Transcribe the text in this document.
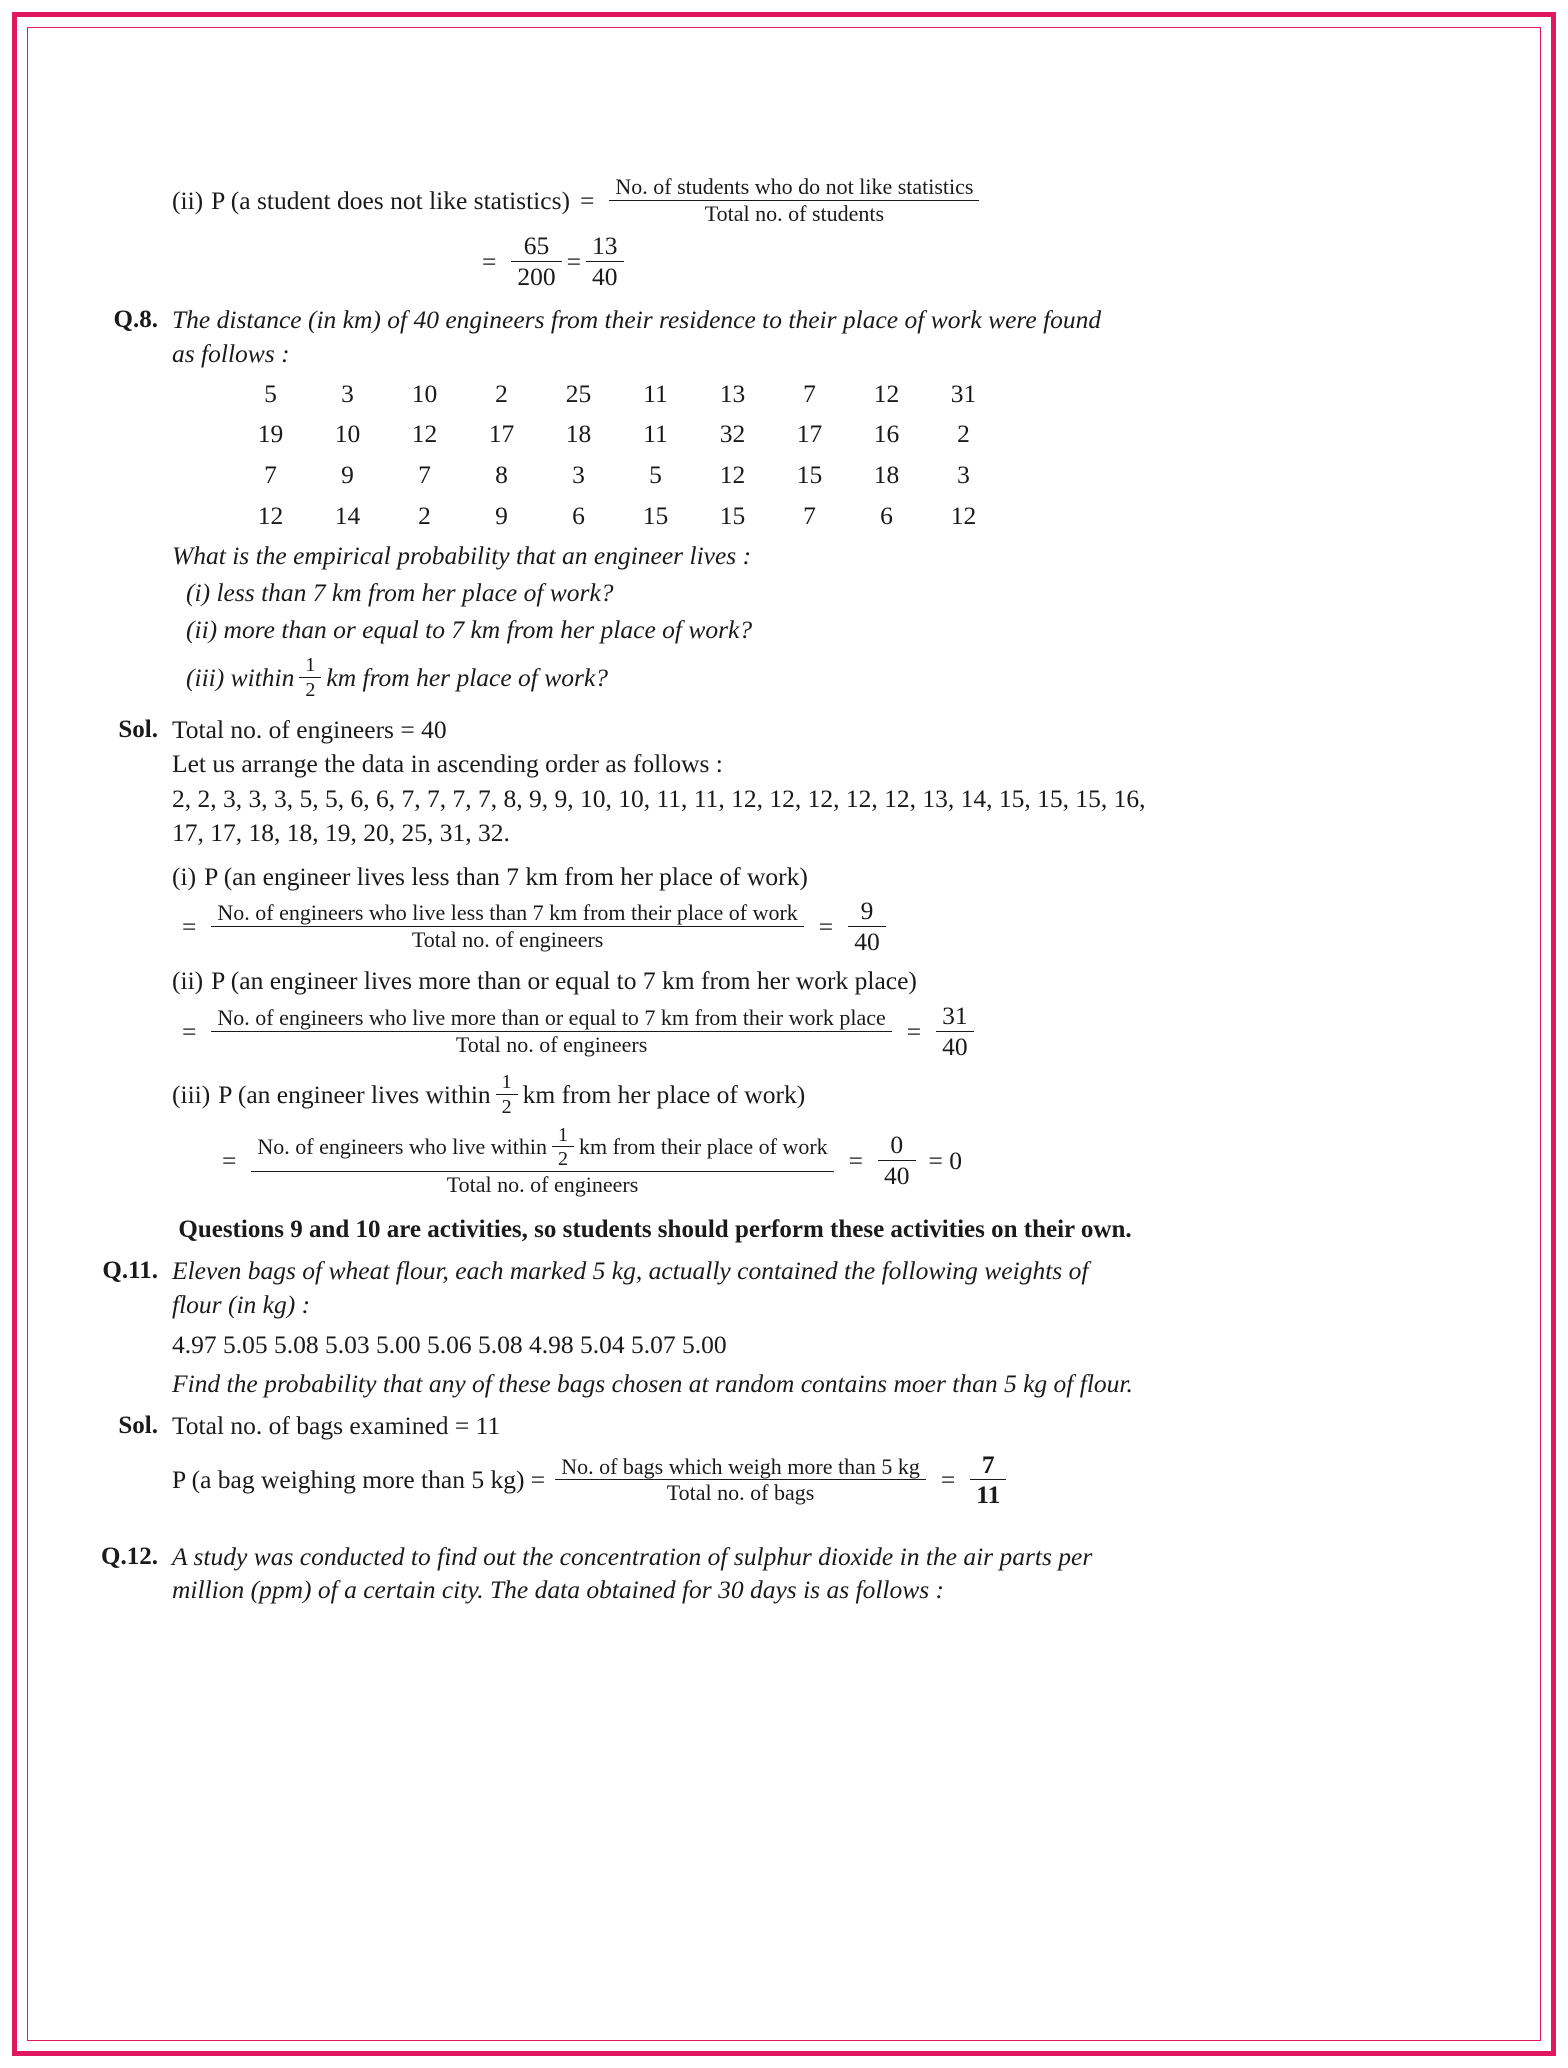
(ii) P (a student does not like statistics) = $\frac{\text{No. of students who do not like statistics}}{\text{Total no. of students}}$
= $\frac{65}{200} = \frac{13}{40}$
Q.8. The distance (in km) of 40 engineers from their residence to their place of work were found
as follows :
5	3	10	2	25	11	13	7	12	31
19	10	12	17	18	11	32	17	16	2
7	9	7	8	3	5	12	15	18	3
12	14	2	9	6	15	15	7	6	12
What is the empirical probability that an engineer lives :
(i) less than 7 km from her place of work?
(ii) more than or equal to 7 km from her place of work?
(iii) within $\frac{1}{2}$ km from her place of work?
Sol. Total no. of engineers = 40
Let us arrange the data in ascending order as follows :
2, 2, 3, 3, 3, 5, 5, 6, 6, 7, 7, 7, 7, 8, 9, 9, 10, 10, 11, 11, 12, 12, 12, 12, 12, 13, 14, 15, 15, 15, 16,
17, 17, 18, 18, 19, 20, 25, 31, 32.
(i) P (an engineer lives less than 7 km from her place of work)
= No. of engineers who live less than 7 km from their place of work
Total no. of engineers	= $\frac{9}{40}$
(ii) P (an engineer lives more than or equal to 7 km from her work place)
= No. of engineers who live more than or equal to 7 km from their work place
Total no. of engineers	= $\frac{31}{40}$
(iii) P (an engineer lives within $\frac{1}{2}$ km from her place of work)
= No. of engineers who live within $\frac{1}{2}$ km from their place of work
Total no. of engineers
= $\frac{0}{40} = 0$
Questions 9 and 10 are activities, so students should perform these activities on their own.
Q.11. Eleven bags of wheat flour, each marked 5 kg, actually contained the following weights of
flour (in kg) :
4.97 5.05 5.08 5.03 5.00 5.06 5.08 4.98 5.04 5.07 5.00
Find the probability that any of these bags chosen at random contains moer than 5 kg of flour.
Sol. Total no. of bags examined = 11
P (a bag weighing more than 5 $kg) = \frac{\text{No. of bags which weigh more than 5 kg}}{\text{Total no. of bags}} = \frac{7}{11}$
Q.12. A study was conducted to find out the concentration of sulphur dioxide in the air parts per
million (ppm) of a certain city. The data obtained for 30 days is as follows :
